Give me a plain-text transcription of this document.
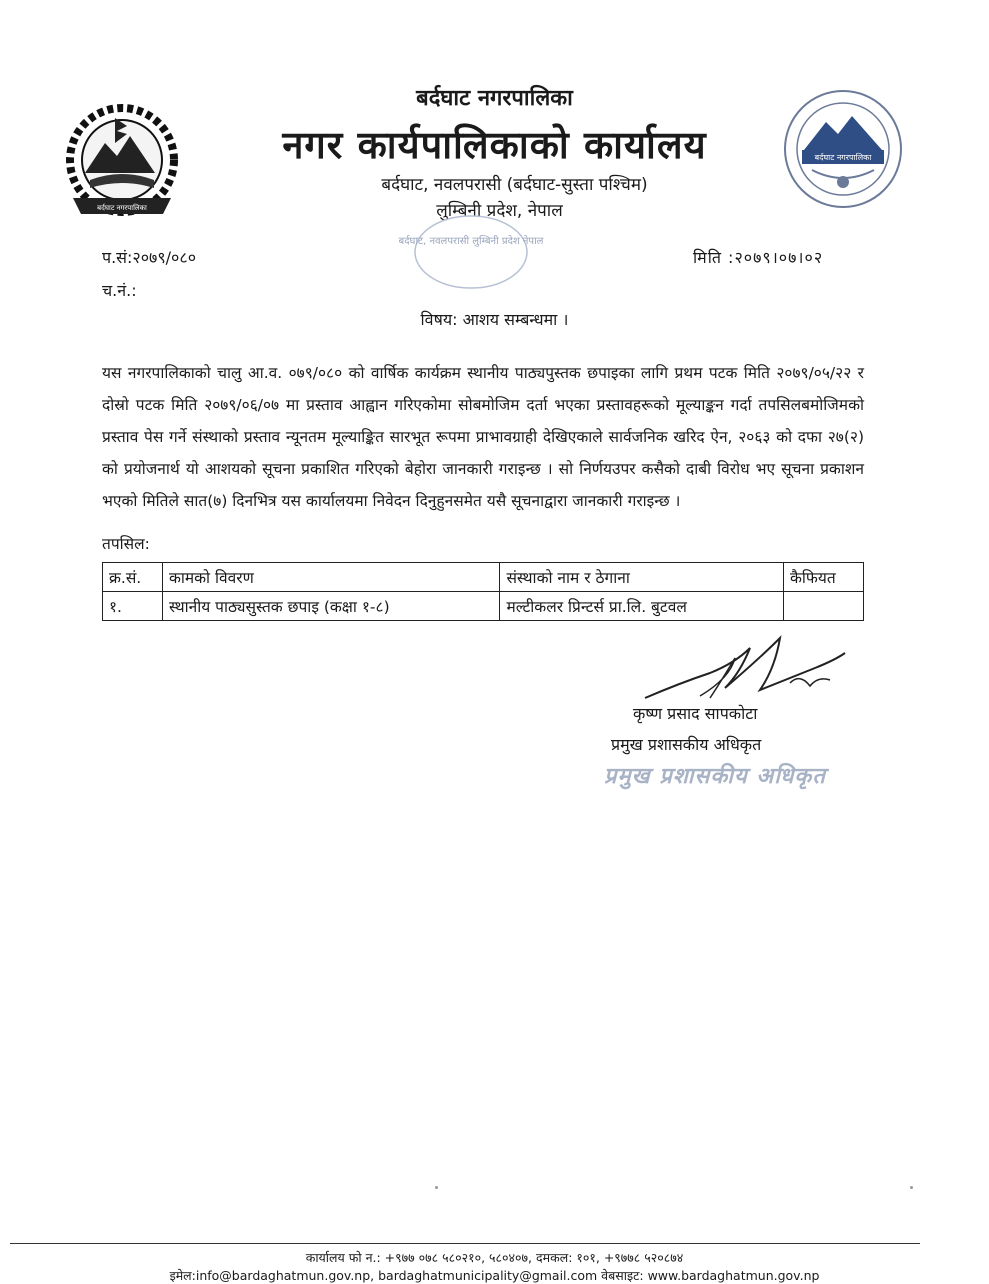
बर्दघाट नगरपालिका
बर्दघाट नगरपालिका
बर्दघाट नगरपालिका
नगर कार्यपालिकाको कार्यालय
बर्दघाट, नवलपरासी (बर्दघाट-सुस्ता पश्चिम)
लुम्बिनी प्रदेश, नेपाल
बर्दघाट, नवलपरासी लुम्बिनी प्रदेश नेपाल
प.सं:२०७९/०८०
च.नं.:
मिति :२०७९।०७।०२
विषय: आशय सम्बन्धमा ।
यस नगरपालिकाको चालु आ.व. ०७९/०८० को वार्षिक कार्यक्रम स्थानीय पाठ्यपुस्तक छपाइका लागि प्रथम पटक मिति २०७९/०५/२२ र दोस्रो पटक मिति २०७९/०६/०७ मा प्रस्ताव आह्वान गरिएकोमा सोबमोजिम दर्ता भएका प्रस्तावहरूको मूल्याङ्कन गर्दा तपसिलबमोजिमको प्रस्ताव पेस गर्ने संस्थाको प्रस्ताव न्यूनतम मूल्याङ्कित सारभूत रूपमा प्राभावग्राही देखिएकाले सार्वजनिक खरिद ऐन, २०६३ को दफा २७(२) को प्रयोजनार्थ यो आशयको सूचना प्रकाशित गरिएको बेहोरा जानकारी गराइन्छ । सो निर्णयउपर कसैको दाबी विरोध भए सूचना प्रकाशन भएको मितिले सात(७) दिनभित्र यस कार्यालयमा निवेदन दिनुहुनसमेत यसै सूचनाद्वारा जानकारी गराइन्छ ।
तपसिल:
क्र.सं.	कामको विवरण	संस्थाको नाम र ठेगाना	कैफियत
१.	स्थानीय पाठ्यसुस्तक छपाइ (कक्षा १-८)	मल्टीकलर प्रिन्टर्स प्रा.लि. बुटवल	
कृष्ण प्रसाद सापकोटा
प्रमुख प्रशासकीय अधिकृत
प्रमुख प्रशासकीय अधिकृत
कार्यालय फो न.: +९७७ ०७८ ५८०२१०, ५८०४०७, दमकल: १०१, +९७७८ ५२०८७४
इमेल:info@bardaghatmun.gov.np, bardaghatmunicipality@gmail.com वेबसाइट: www.bardaghatmun.gov.np
